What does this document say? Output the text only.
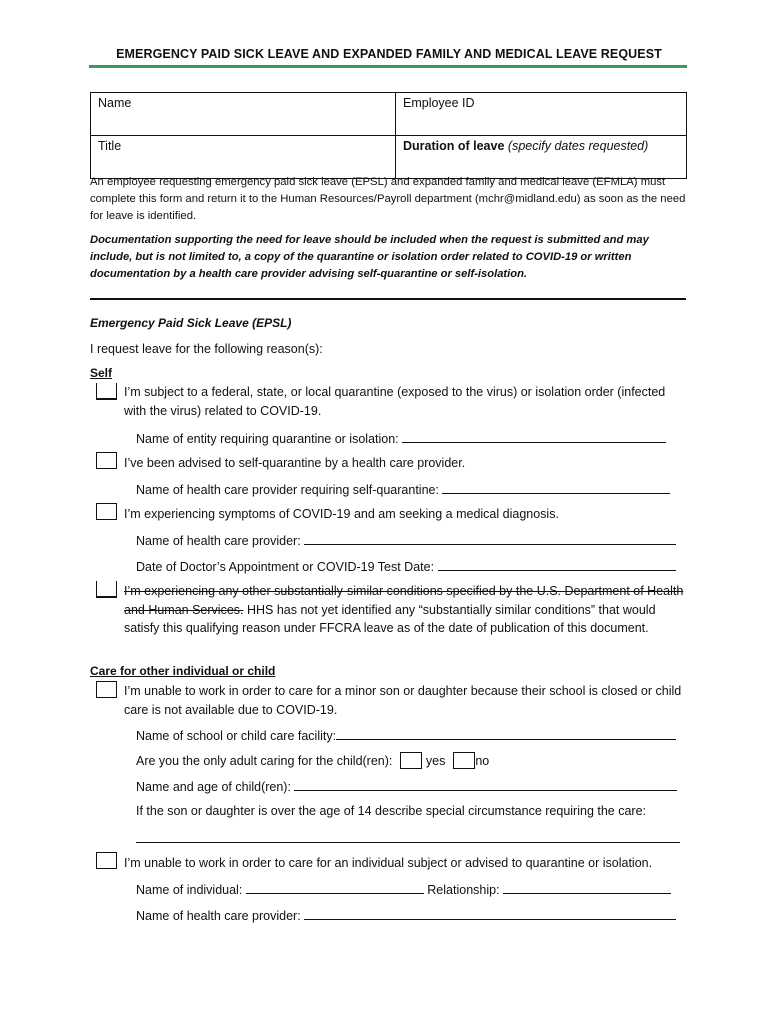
EMERGENCY PAID SICK LEAVE AND EXPANDED FAMILY AND MEDICAL LEAVE REQUEST
Name	Employee ID
Title	Duration of leave (specify dates requested)
An employee requesting emergency paid sick leave (EPSL) and expanded family and medical leave (EFMLA) must complete this form and return it to the Human Resources/Payroll department (mchr@midland.edu) as soon as the need for leave is identified.
Documentation supporting the need for leave should be included when the request is submitted and may include, but is not limited to, a copy of the quarantine or isolation order related to COVID-19 or written documentation by a health care provider advising self-quarantine or self-isolation.
Emergency Paid Sick Leave (EPSL)
I request leave for the following reason(s):
Self
I’m subject to a federal, state, or local quarantine (exposed to the virus) or isolation order (infected with the virus) related to COVID-19.
Name of entity requiring quarantine or isolation:
I’ve been advised to self-quarantine by a health care provider.
Name of health care provider requiring self-quarantine:
I’m experiencing symptoms of COVID-19 and am seeking a medical diagnosis.
Name of health care provider:
Date of Doctor’s Appointment or COVID-19 Test Date:
I’m experiencing any other substantially-similar conditions specified by the U.S. Department of Health and Human Services. HHS has not yet identified any “substantially similar conditions” that would satisfy this qualifying reason under FFCRA leave as of the date of publication of this document.
Care for other individual or child
I’m unable to work in order to care for a minor son or daughter because their school is closed or child care is not available due to COVID-19.
Name of school or child care facility:
Are you the only adult caring for the child(ren):	yes no
Name and age of child(ren):
If the son or daughter is over the age of 14 describe special circumstance requiring the care:
I’m unable to work in order to care for an individual subject or advised to quarantine or isolation.
Name of individual:	Relationship:
Name of health care provider:
